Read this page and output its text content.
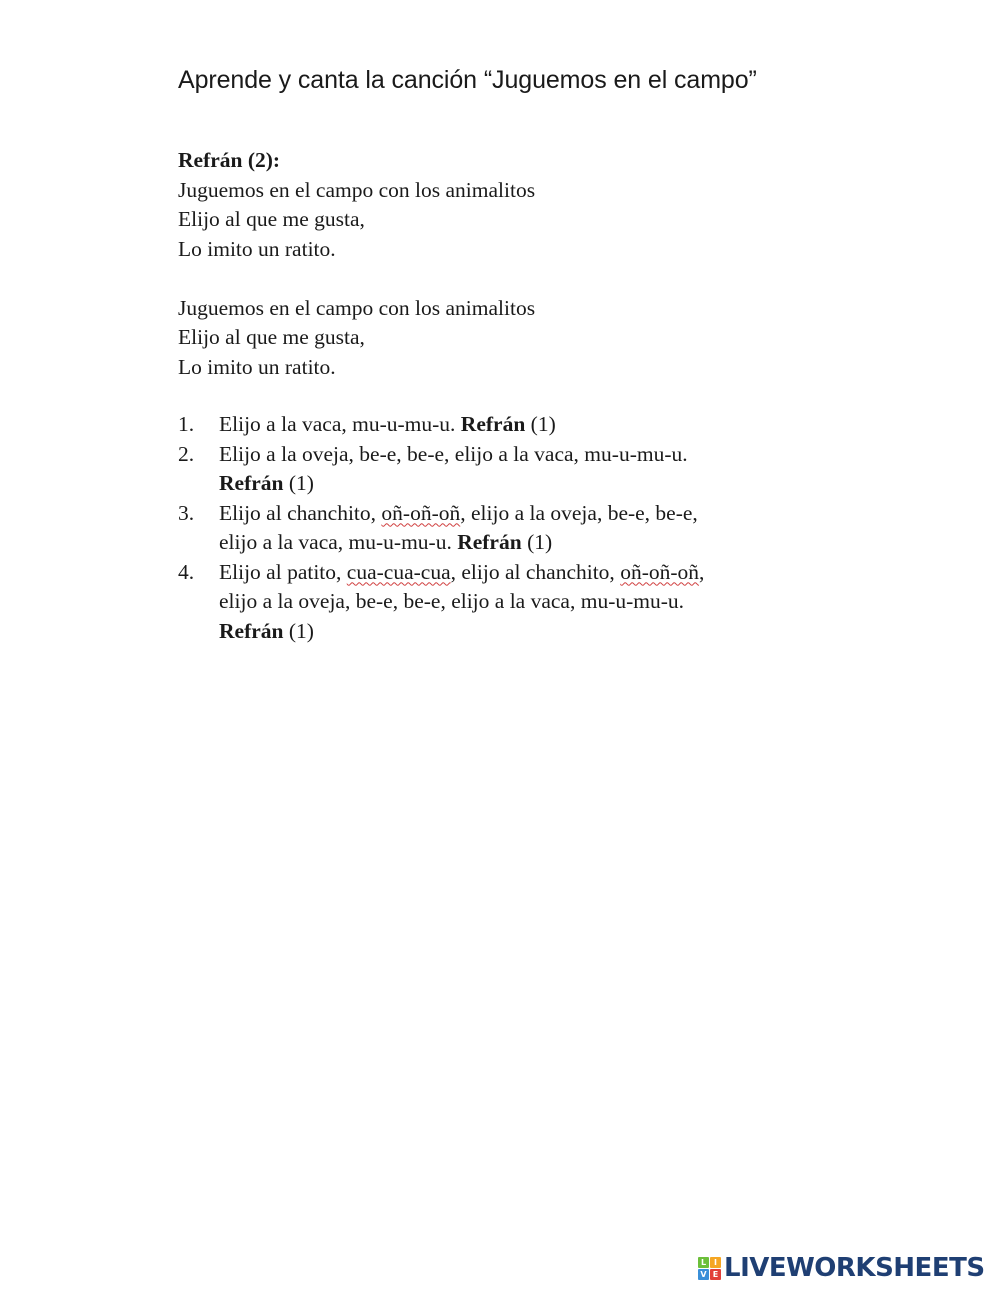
Aprende y canta la canción “Juguemos en el campo”
Refrán (2):
Juguemos en el campo con los animalitos
Elijo al que me gusta,
Lo imito un ratito.
Juguemos en el campo con los animalitos
Elijo al que me gusta,
Lo imito un ratito.
1. Elijo a la vaca, mu-u-mu-u. Refrán (1)
2. Elijo a la oveja, be-e, be-e, elijo a la vaca, mu-u-mu-u.
Refrán (1)
3. Elijo al chanchito, oñ-oñ-oñ, elijo a la oveja, be-e, be-e,
elijo a la vaca, mu-u-mu-u. Refrán (1)
4. Elijo al patito, cua-cua-cua, elijo al chanchito, oñ-oñ-oñ,
elijo a la oveja, be-e, be-e, elijo a la vaca, mu-u-mu-u.
Refrán (1)
L I
V E LIVEWORKSHEETS
